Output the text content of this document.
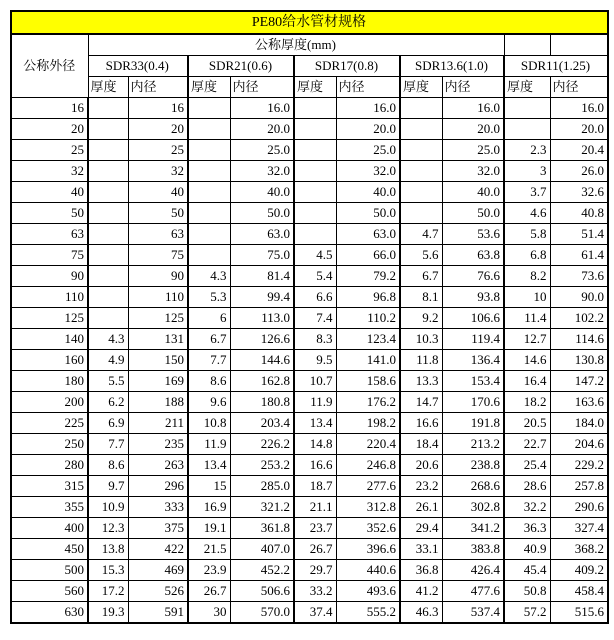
PE80给水管材规格										
公称外径	公称厚度(mm)									
	SDR33(0.4)		SDR21(0.6)		SDR17(0.8)		SDR13.6(1.0)		SDR11(1.25)	
	厚度	内径	厚度	内径	厚度	内径	厚度	内径	厚度	内径
16		16		16.0		16.0		16.0		16.0
20		20		20.0		20.0		20.0		20.0
25		25		25.0		25.0		25.0	2.3	20.4
32		32		32.0		32.0		32.0	3	26.0
40		40		40.0		40.0		40.0	3.7	32.6
50		50		50.0		50.0		50.0	4.6	40.8
63		63		63.0		63.0	4.7	53.6	5.8	51.4
75		75		75.0	4.5	66.0	5.6	63.8	6.8	61.4
90		90	4.3	81.4	5.4	79.2	6.7	76.6	8.2	73.6
110		110	5.3	99.4	6.6	96.8	8.1	93.8	10	90.0
125		125	6	113.0	7.4	110.2	9.2	106.6	11.4	102.2
140	4.3	131	6.7	126.6	8.3	123.4	10.3	119.4	12.7	114.6
160	4.9	150	7.7	144.6	9.5	141.0	11.8	136.4	14.6	130.8
180	5.5	169	8.6	162.8	10.7	158.6	13.3	153.4	16.4	147.2
200	6.2	188	9.6	180.8	11.9	176.2	14.7	170.6	18.2	163.6
225	6.9	211	10.8	203.4	13.4	198.2	16.6	191.8	20.5	184.0
250	7.7	235	11.9	226.2	14.8	220.4	18.4	213.2	22.7	204.6
280	8.6	263	13.4	253.2	16.6	246.8	20.6	238.8	25.4	229.2
315	9.7	296	15	285.0	18.7	277.6	23.2	268.6	28.6	257.8
355	10.9	333	16.9	321.2	21.1	312.8	26.1	302.8	32.2	290.6
400	12.3	375	19.1	361.8	23.7	352.6	29.4	341.2	36.3	327.4
450	13.8	422	21.5	407.0	26.7	396.6	33.1	383.8	40.9	368.2
500	15.3	469	23.9	452.2	29.7	440.6	36.8	426.4	45.4	409.2
560	17.2	526	26.7	506.6	33.2	493.6	41.2	477.6	50.8	458.4
630	19.3	591	30	570.0	37.4	555.2	46.3	537.4	57.2	515.6
